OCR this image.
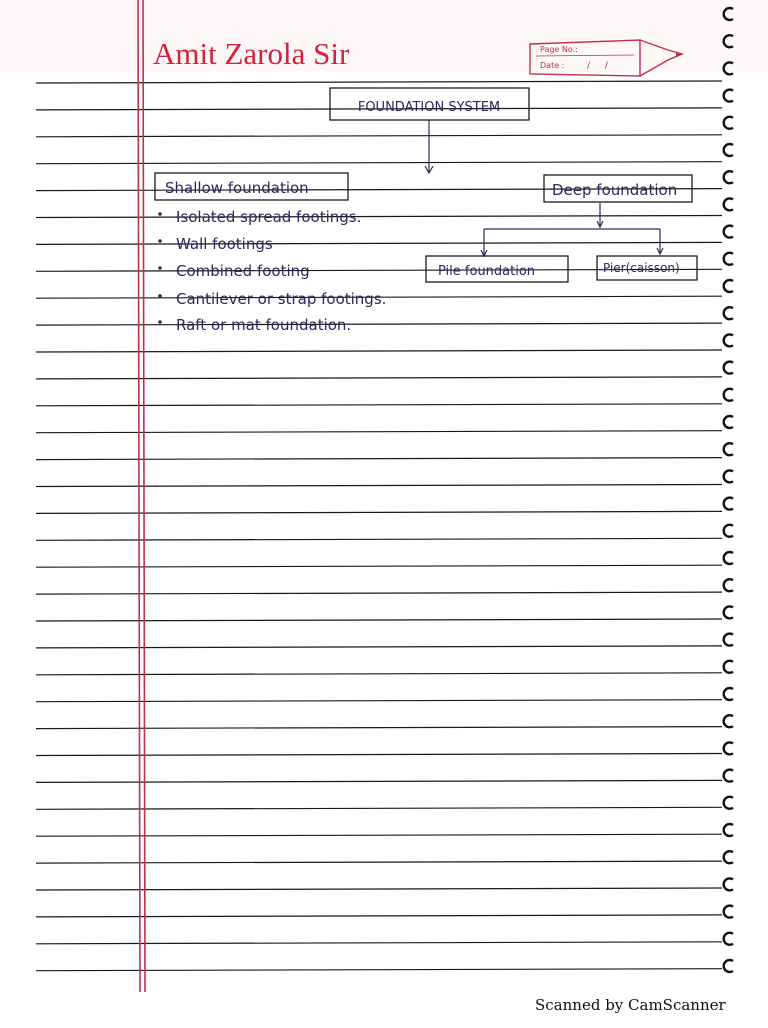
Amit Zarola Sir	Page No.:
Date :	/ /
FOUNDATION SYSTEM
Shallow foundation	Deep foundation
Pile foundation	Pier(caisson)
Isolated spread footings.
Wall footings
Combined footing
Cantilever or strap footings.
Raft or mat foundation.
Scanned by CamScanner
